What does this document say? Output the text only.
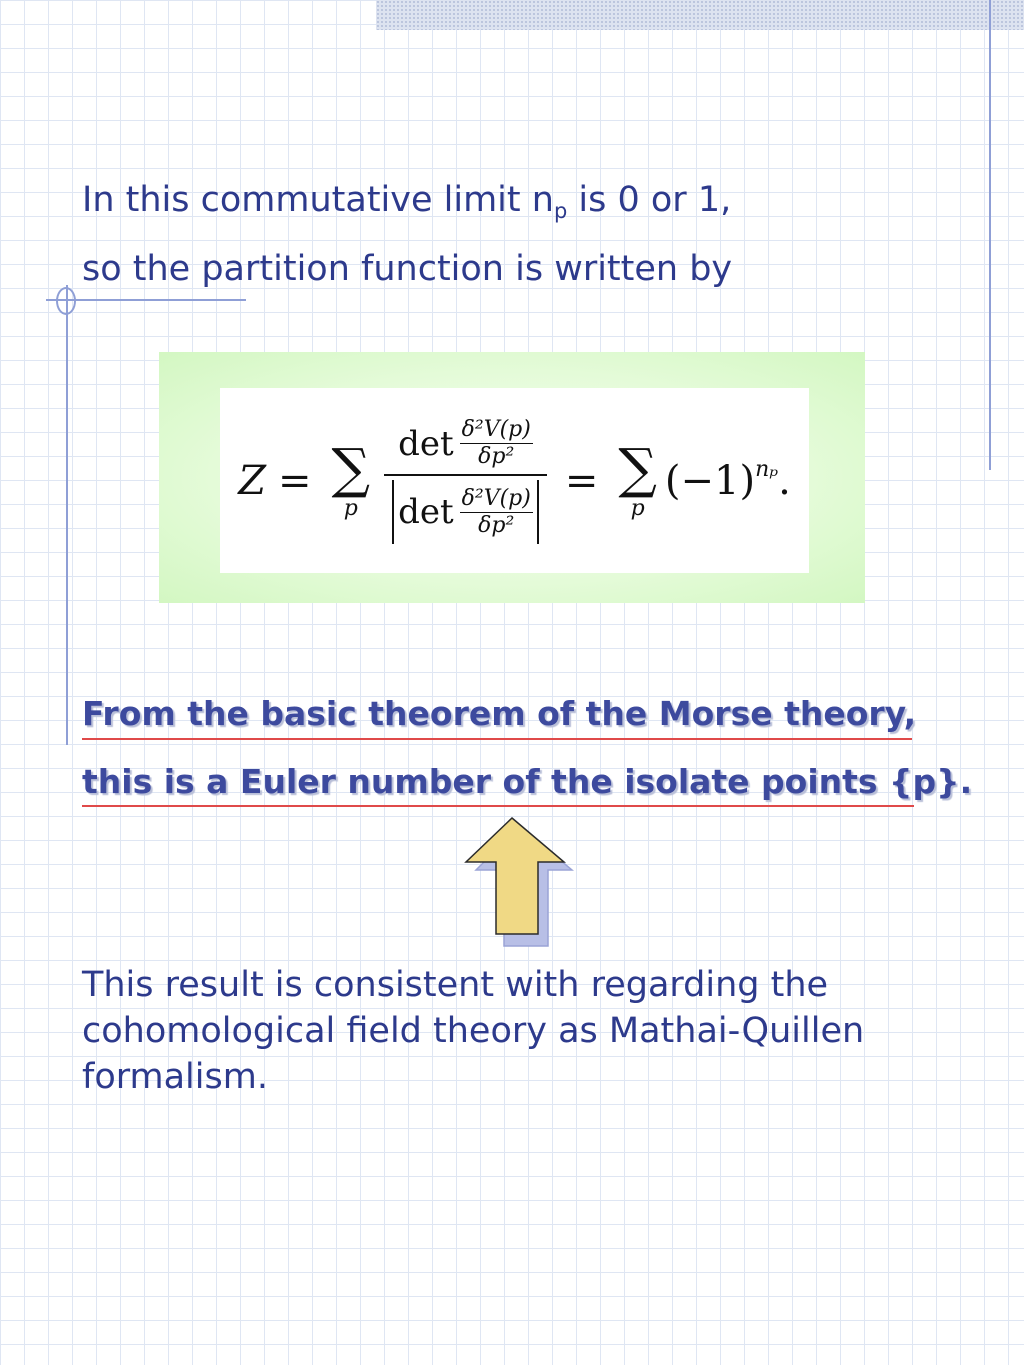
In this commutative limit $n_p$ is 0 or 1,
so the partition function is written by
Z = ∑
p $\frac{\det \frac{\text{δ²V(p)}}{\text{δp²}}}{\det \frac{\text{δ²V(p)}}{\text{δp²}}}$ = ∑
p
$(-1)^{n_p}$.
From the basic theorem of the Morse theory,
this is a Euler number of the isolate points {p}.
This result is consistent with regarding the cohomological field theory as Mathai-Quillen formalism.
